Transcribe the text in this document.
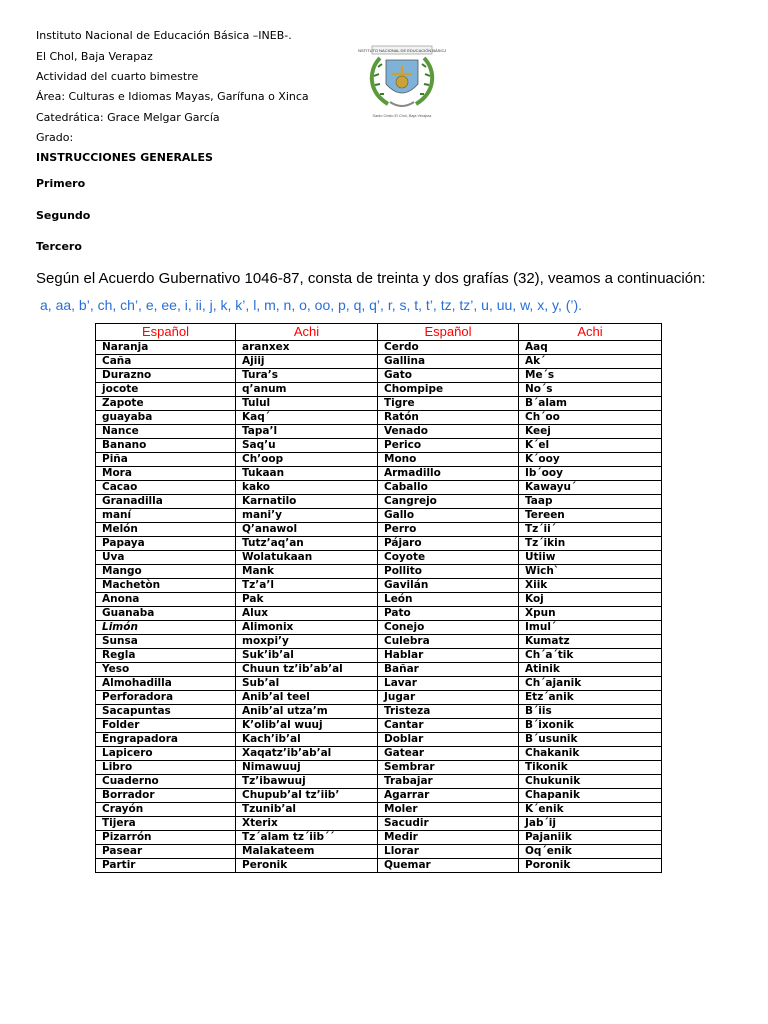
Instituto Nacional de Educación Básica –INEB-.
El Chol, Baja Verapaz
Actividad del cuarto bimestre
Área: Culturas e Idiomas Mayas, Garífuna o Xinca
Catedrática: Grace Melgar García
Grado:
INSTRUCCIONES GENERALES
Primero
Segundo
Tercero
INSTITUTO NACIONAL DE EDUCACIÓN BÁSICA
Santo Cristo El Chol, Baja Verapaz
Según el Acuerdo Gubernativo 1046-87, consta de treinta y dos grafías (32), veamos a continuación:
a, aa, b’, ch, ch’, e, ee, i, ii, j, k, k’, l, m, n, o, oo, p, q, q’, r, s, t, t’, tz, tz’, u, uu, w, x, y, (’).
Español	Achi	Español	Achi
Naranja	aranxex	Cerdo	Aaq
Caña	Ajiij	Gallina	Ak´
Durazno	Tura’s	Gato	Me´s
jocote	q’anum	Chompipe	No´s
Zapote	Tulul	Tigre	B´alam
guayaba	Kaq´	Ratón	Ch´oo
Nance	Tapa’l	Venado	Keej
Banano	Saq’u	Perico	K´el
Piña	Ch’oop	Mono	K´ooy
Mora	Tukaan	Armadillo	Ib´ooy
Cacao	kako	Caballo	Kawayu´
Granadilla	Karnatilo	Cangrejo	Taap
maní	mani’y	Gallo	Tereen
Melón	Q’anawol	Perro	Tz´ii´
Papaya	Tutz’aq’an	Pájaro	Tz´ikin
Uva	Wolatukaan	Coyote	Utiiw
Mango	Mank	Pollito	Wich`
Machetòn	Tz’a’l	Gavilán	Xiik
Anona	Pak	León	Koj
Guanaba	Alux	Pato	Xpun
Limón	Alimonix	Conejo	Imul´
Sunsa	moxpi’y	Culebra	Kumatz
Regla	Suk’ib’al	Hablar	Ch´a´tik
Yeso	Chuun tz’ib’ab’al	Bañar	Atinik
Almohadilla	Sub’al	Lavar	Ch´ajanik
Perforadora	Anib’al teel	Jugar	Etz´anik
Sacapuntas	Anib’al utza’m	Tristeza	B´iis
Folder	K’olib’al wuuj	Cantar	B´ixonik
Engrapadora	Kach’ib’al	Doblar	B´usunik
Lapicero	Xaqatz’ib’ab’al	Gatear	Chakanik
Libro	Nimawuuj	Sembrar	Tikonik
Cuaderno	Tz’ibawuuj	Trabajar	Chukunik
Borrador	Chupub’al tz’iib’	Agarrar	Chapanik
Crayón	Tzunib’al	Moler	K´enik
Tijera	Xterix	Sacudir	Jab´ij
Pizarrón	Tz´alam tz´iib´´	Medir	Pajaniik
Pasear	Malakateem	Llorar	Oq´enik
Partir	Peronik	Quemar	Poronik
